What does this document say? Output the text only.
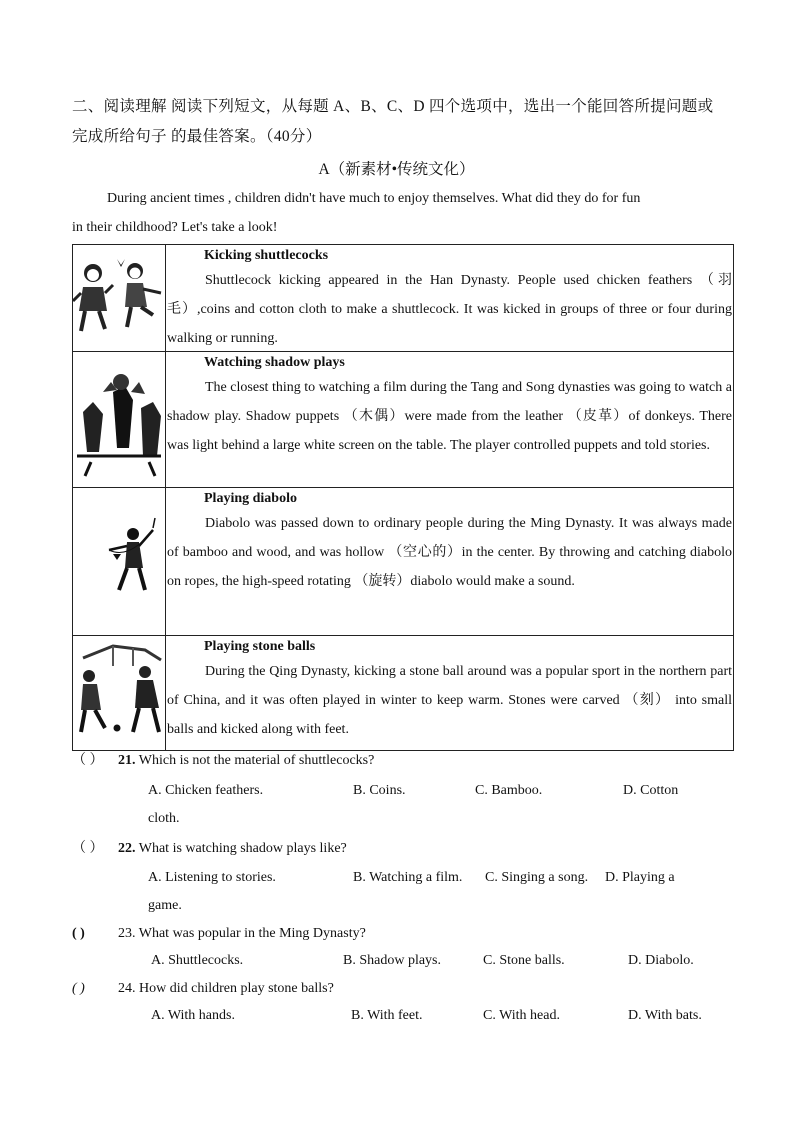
二、阅读理解 阅读下列短文，从每题 A、B、C、D 四个选项中，选出一个能回答所提问题或
完成所给句子 的最佳答案。（40分）
A（新素材•传统文化）
During ancient times , children didn't have much to enjoy themselves. What did they do for fun
in their childhood? Let's take a look!

Kicking shuttlecocks
Shuttlecock kicking appeared in the Han Dynasty. People used chicken feathers （羽毛）,coins and cotton cloth to make a shuttlecock. It was kicked in groups of three or four during walking or running.

Watching shadow plays
The closest thing to watching a film during the Tang and Song dynasties was going to watch a shadow play. Shadow puppets （木偶）were made from the leather （皮革）of donkeys. There was light behind a large white screen on the table. The player controlled puppets and told stories.

Playing diabolo
Diabolo was passed down to ordinary people during the Ming Dynasty. It was always made of bamboo and wood, and was hollow （空心的）in the center. By throwing and catching diabolo on ropes, the high-speed rotating （旋转）diabolo would make a sound.

Playing stone balls
During the Qing Dynasty, kicking a stone ball around was a popular sport in the northern part of China, and it was often played in winter to keep warm. Stones were carved （刻） into small balls and kicked along with feet.
（ ） 21. Which is not the material of shuttlecocks?
A. Chicken feathers.	B. Coins.	C. Bamboo.	D. Cotton
cloth.
（ ） 22. What is watching shadow plays like?
A. Listening to stories.	B. Watching a film. C. Singing a song. D. Playing a
game.
( ) 23. What was popular in the Ming Dynasty?
A. Shuttlecocks.	B. Shadow plays.	C. Stone balls.	D. Diabolo.
( ) 24. How did children play stone balls?
A. With hands.	B. With feet.	C. With head.	D. With bats.
